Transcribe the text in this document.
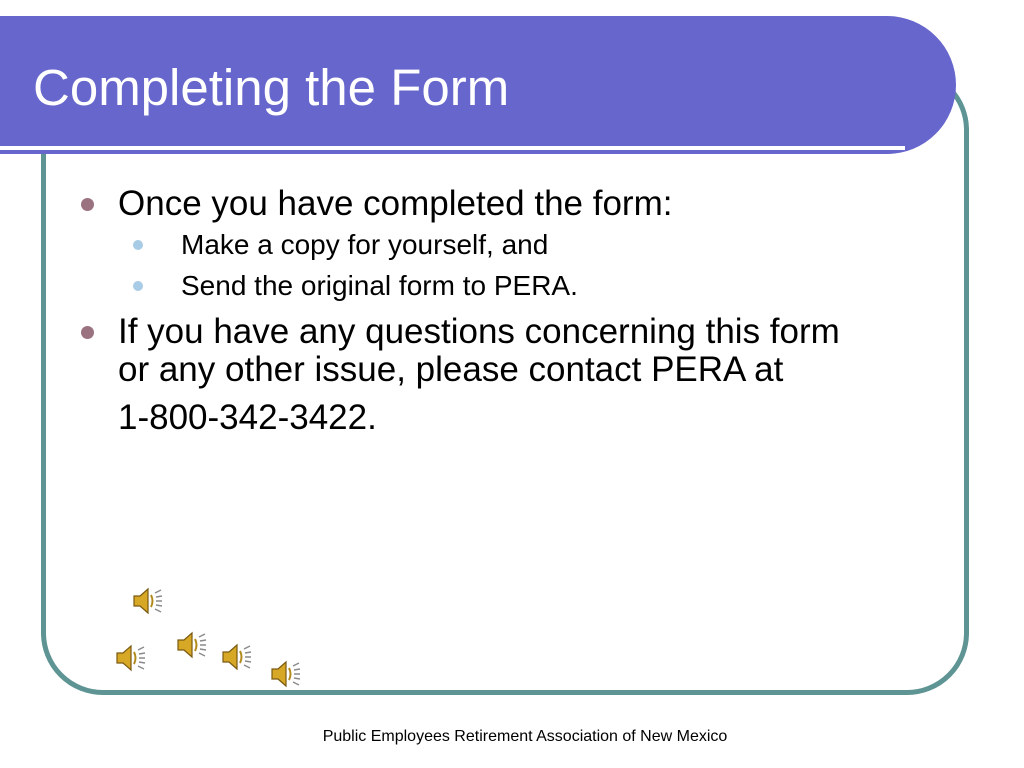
Completing the Form
Once you have completed the form:
Make a copy for yourself, and
Send the original form to PERA.
If you have any questions concerning this form
or any other issue, please contact PERA at
1-800-342-3422.
Public Employees Retirement Association of New Mexico
